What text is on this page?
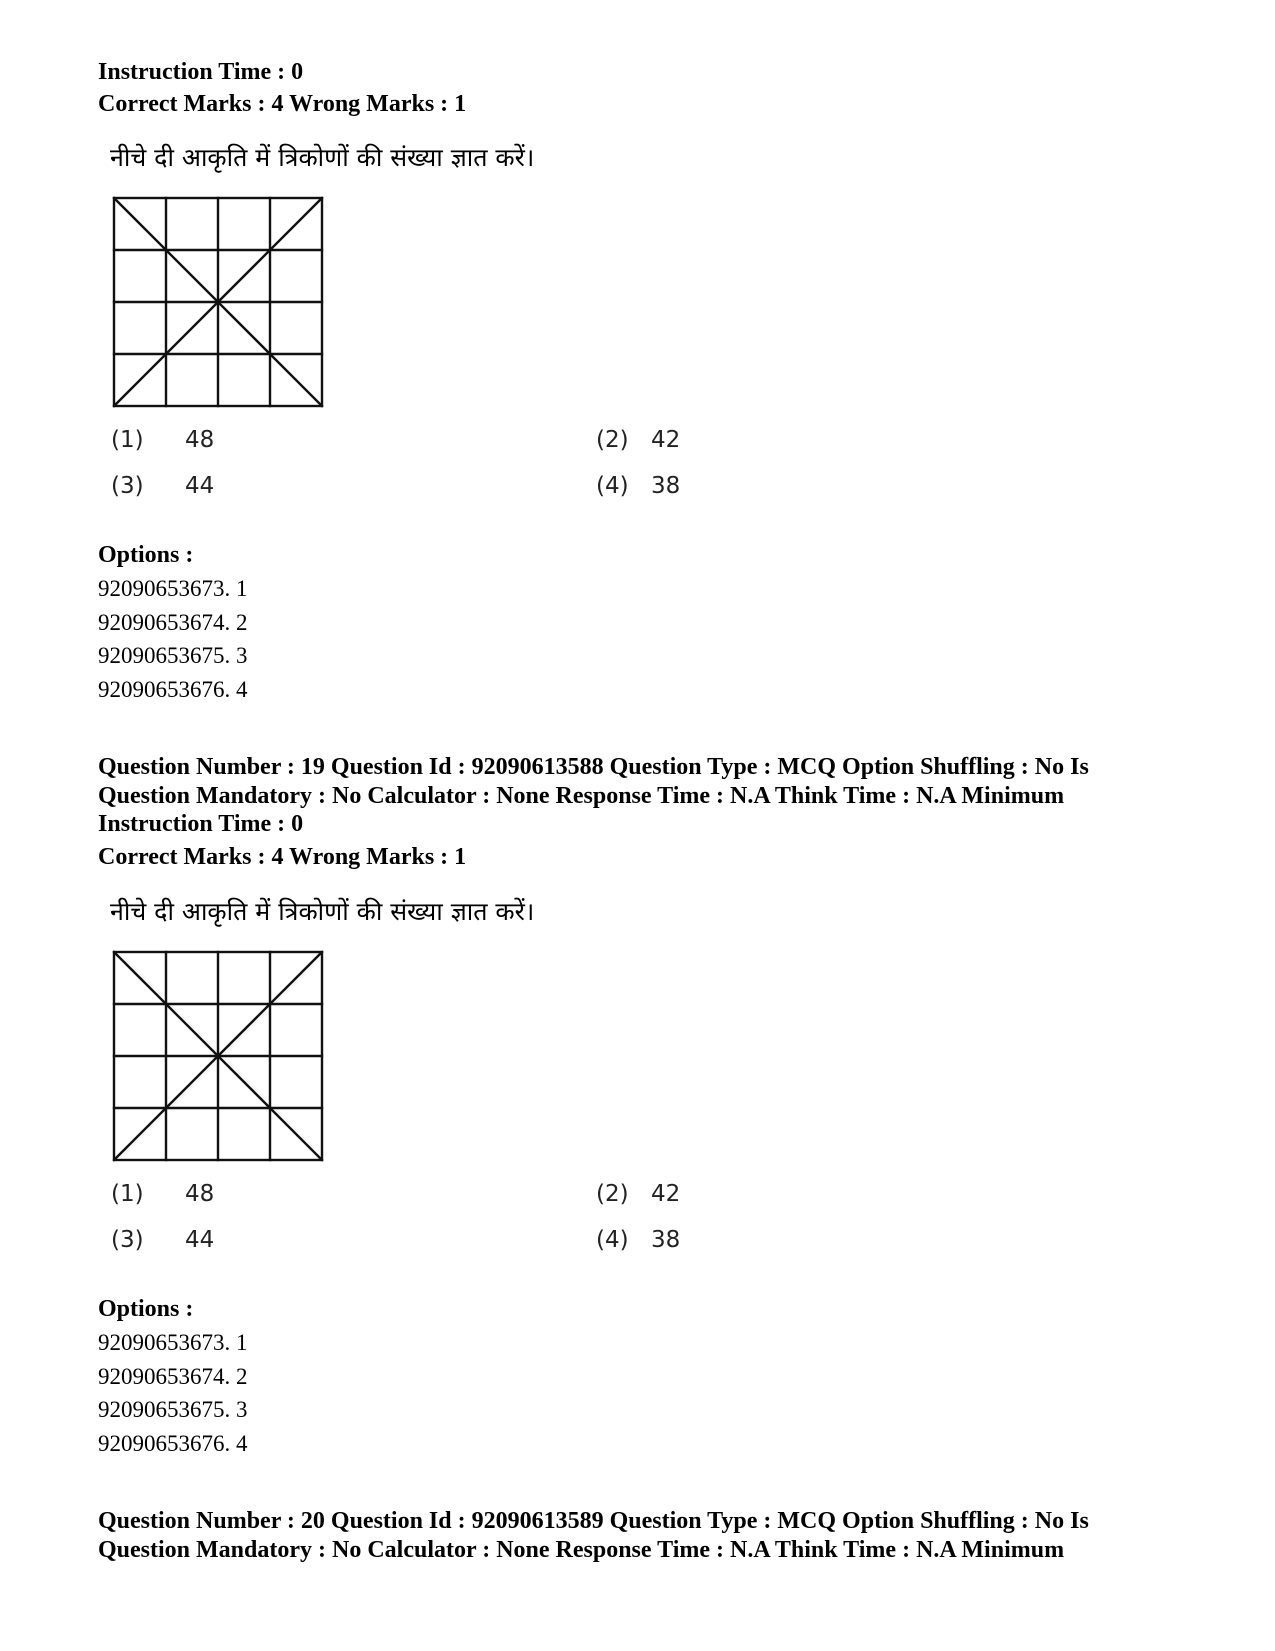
Instruction Time : 0
Correct Marks : 4 Wrong Marks : 1
नीचे दी आकृति में त्रिकोणों की संख्या ज्ञात करें।
(1) 48	(2) 42
(3) 44	(4) 38
Options :
92090653673. 1
92090653674. 2
92090653675. 3
92090653676. 4
Question Number : 19 Question Id : 92090613588 Question Type : MCQ Option Shuffling : No Is
Question Mandatory : No Calculator : None Response Time : N.A Think Time : N.A Minimum
Instruction Time : 0
Correct Marks : 4 Wrong Marks : 1
नीचे दी आकृति में त्रिकोणों की संख्या ज्ञात करें।
(1) 48	(2) 42
(3) 44	(4) 38
Options :
92090653673. 1
92090653674. 2
92090653675. 3
92090653676. 4
Question Number : 20 Question Id : 92090613589 Question Type : MCQ Option Shuffling : No Is
Question Mandatory : No Calculator : None Response Time : N.A Think Time : N.A Minimum
